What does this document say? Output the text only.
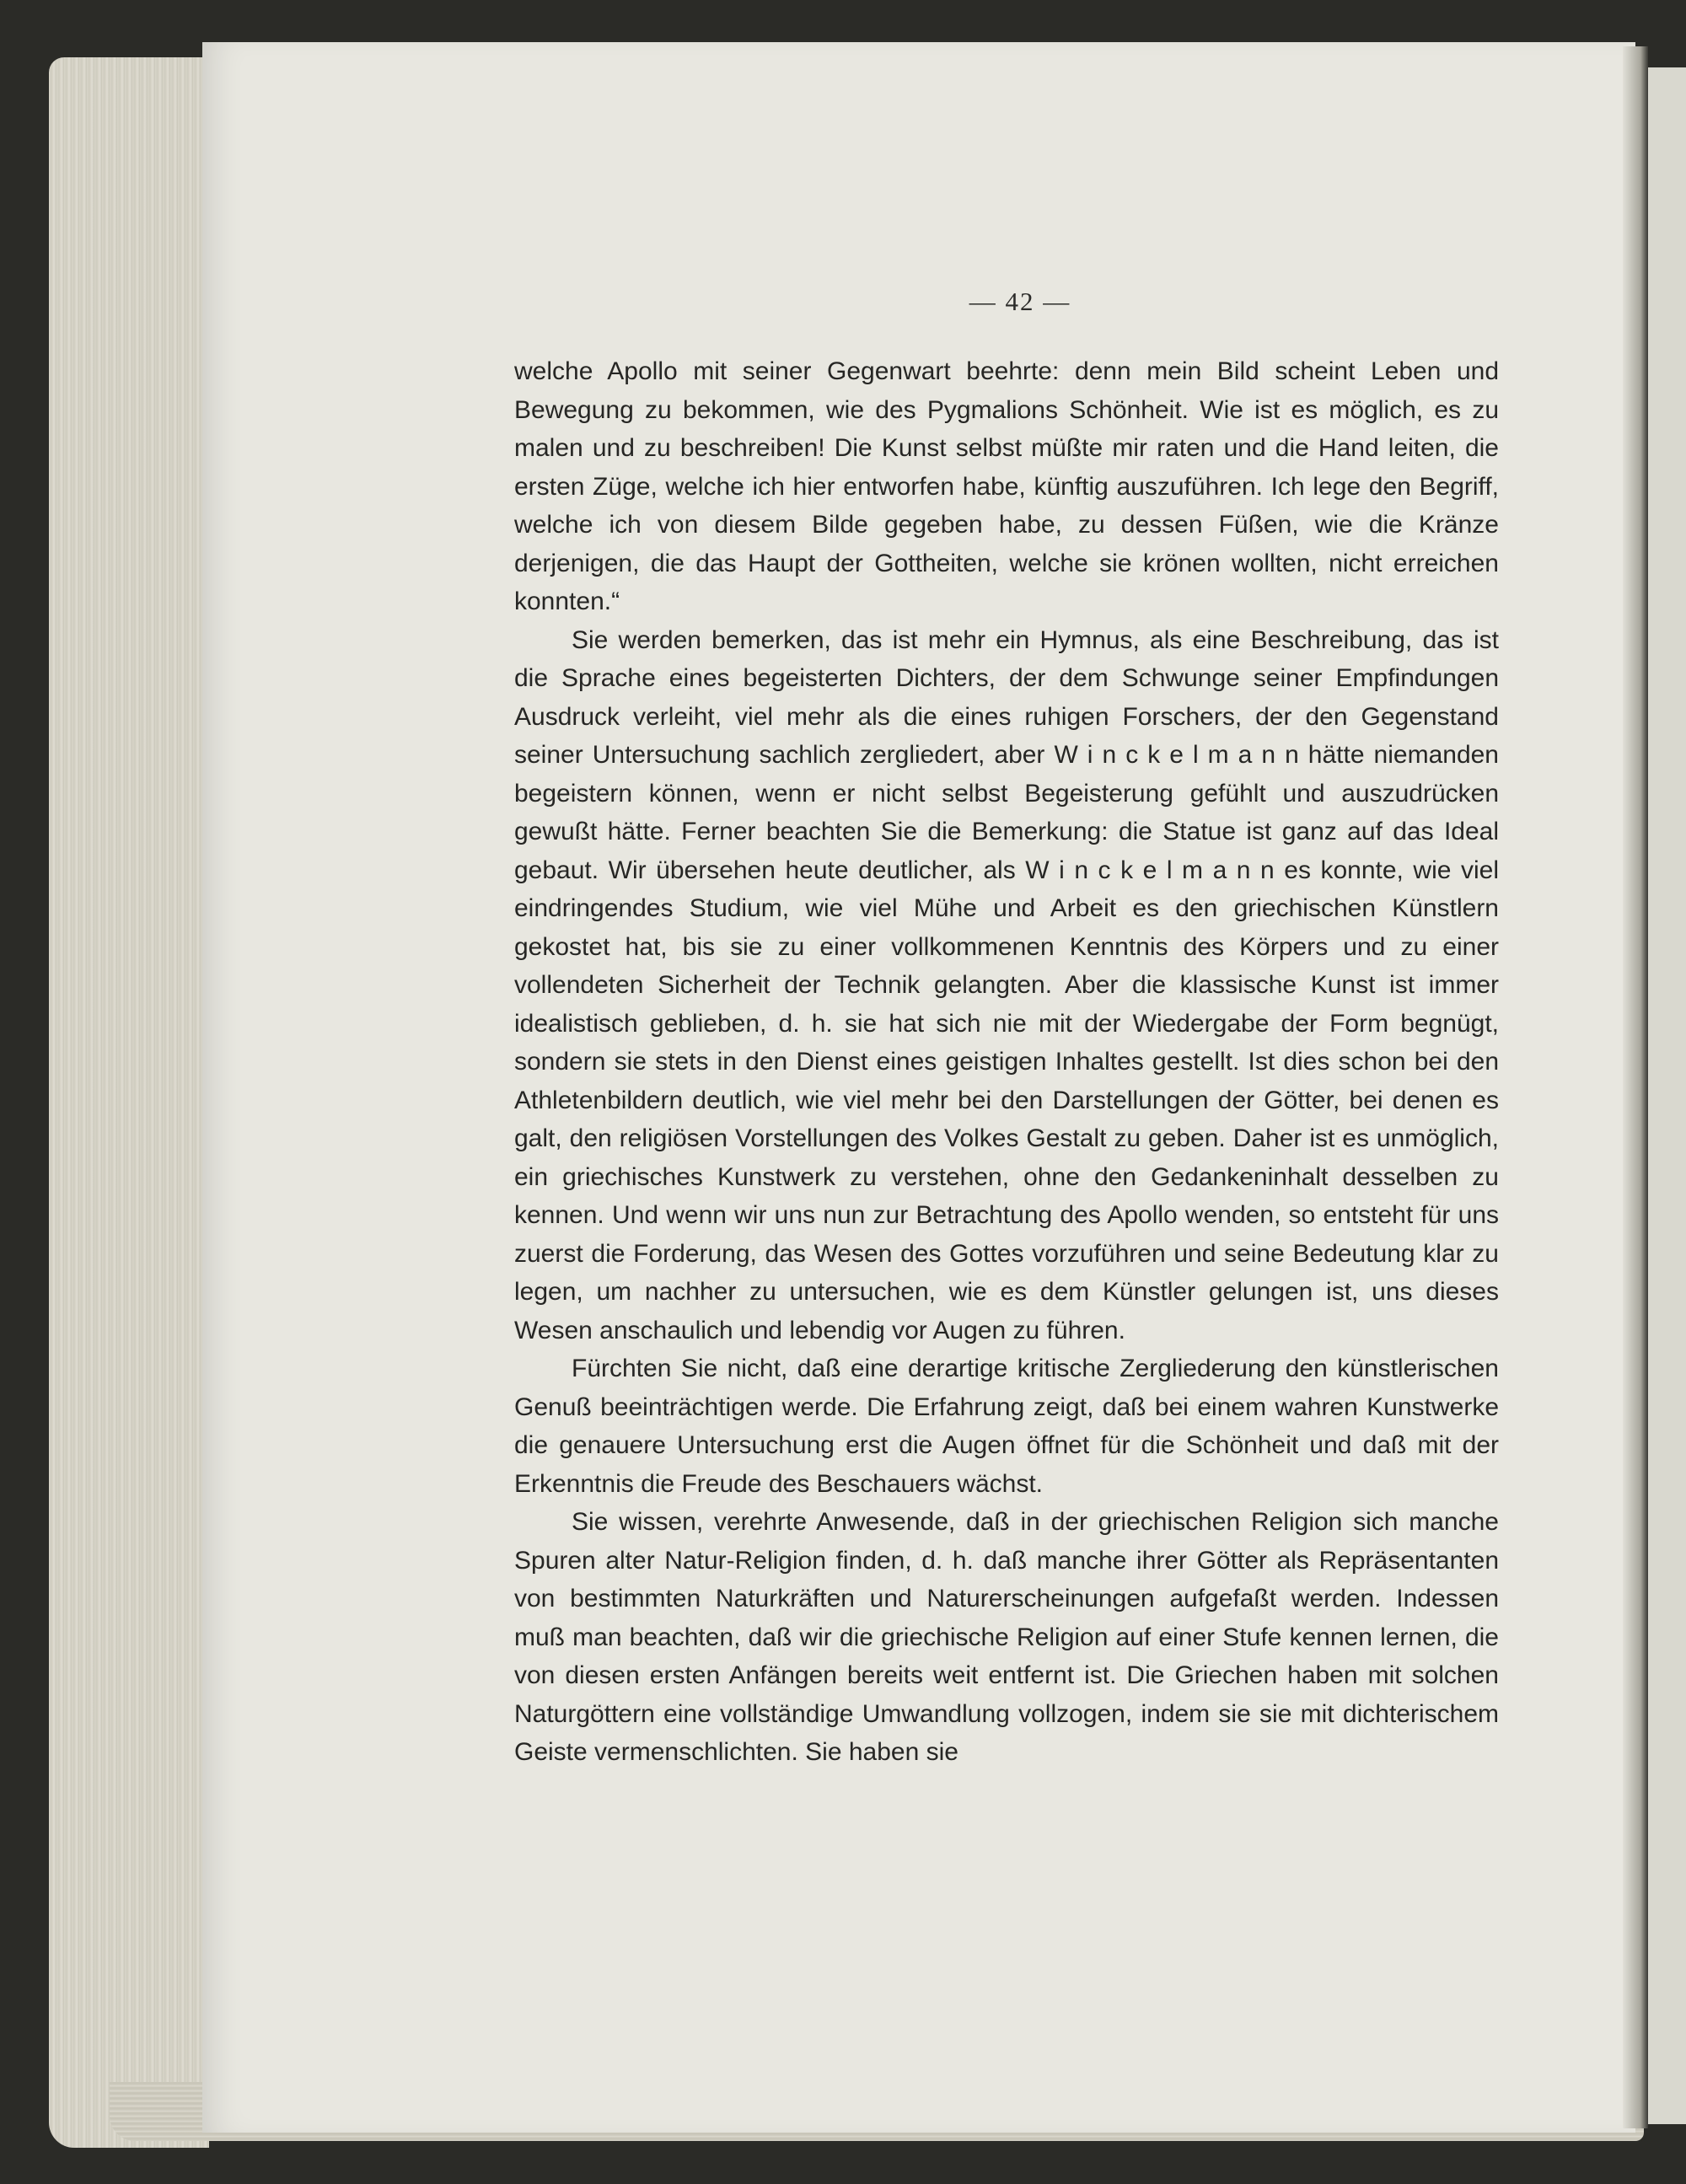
— 42 —

welche Apollo mit seiner Gegenwart beehrte: denn mein Bild scheint Leben und Bewegung zu bekommen, wie des Pygmalions Schönheit. Wie ist es möglich, es zu malen und zu beschreiben! Die Kunst selbst müßte mir raten und die Hand leiten, die ersten Züge, welche ich hier entworfen habe, künftig auszuführen. Ich lege den Begriff, welche ich von diesem Bilde gegeben habe, zu dessen Füßen, wie die Kränze derjenigen, die das Haupt der Gottheiten, welche sie krönen wollten, nicht erreichen konnten.“

Sie werden bemerken, das ist mehr ein Hymnus, als eine Beschreibung, das ist die Sprache eines begeisterten Dichters, der dem Schwunge seiner Empfindungen Ausdruck verleiht, viel mehr als die eines ruhigen Forschers, der den Gegenstand seiner Untersuchung sachlich zergliedert, aber W i n c k e l m a n n hätte niemanden begeistern können, wenn er nicht selbst Begeisterung gefühlt und auszudrücken gewußt hätte. Ferner beachten Sie die Bemerkung: die Statue ist ganz auf das Ideal gebaut. Wir übersehen heute deutlicher, als W i n c k e l m a n n es konnte, wie viel eindringendes Studium, wie viel Mühe und Arbeit es den griechischen Künstlern gekostet hat, bis sie zu einer vollkommenen Kenntnis des Körpers und zu einer vollendeten Sicherheit der Technik gelangten. Aber die klassische Kunst ist immer idealistisch geblieben, d. h. sie hat sich nie mit der Wiedergabe der Form begnügt, sondern sie stets in den Dienst eines geistigen Inhaltes gestellt. Ist dies schon bei den Athletenbildern deutlich, wie viel mehr bei den Darstellungen der Götter, bei denen es galt, den religiösen Vorstellungen des Volkes Gestalt zu geben. Daher ist es unmöglich, ein griechisches Kunstwerk zu verstehen, ohne den Gedankeninhalt desselben zu kennen. Und wenn wir uns nun zur Betrachtung des Apollo wenden, so entsteht für uns zuerst die Forderung, das Wesen des Gottes vorzuführen und seine Bedeutung klar zu legen, um nachher zu untersuchen, wie es dem Künstler gelungen ist, uns dieses Wesen anschaulich und lebendig vor Augen zu führen.

Fürchten Sie nicht, daß eine derartige kritische Zergliederung den künstlerischen Genuß beeinträchtigen werde. Die Erfahrung zeigt, daß bei einem wahren Kunstwerke die genauere Untersuchung erst die Augen öffnet für die Schönheit und daß mit der Erkenntnis die Freude des Beschauers wächst.

Sie wissen, verehrte Anwesende, daß in der griechischen Religion sich manche Spuren alter Natur-Religion finden, d. h. daß manche ihrer Götter als Repräsentanten von bestimmten Naturkräften und Naturerscheinungen aufgefaßt werden. Indessen muß man beachten, daß wir die griechische Religion auf einer Stufe kennen lernen, die von diesen ersten Anfängen bereits weit entfernt ist. Die Griechen haben mit solchen Naturgöttern eine vollständige Umwandlung vollzogen, indem sie sie mit dichterischem Geiste vermenschlichten. Sie haben sie
